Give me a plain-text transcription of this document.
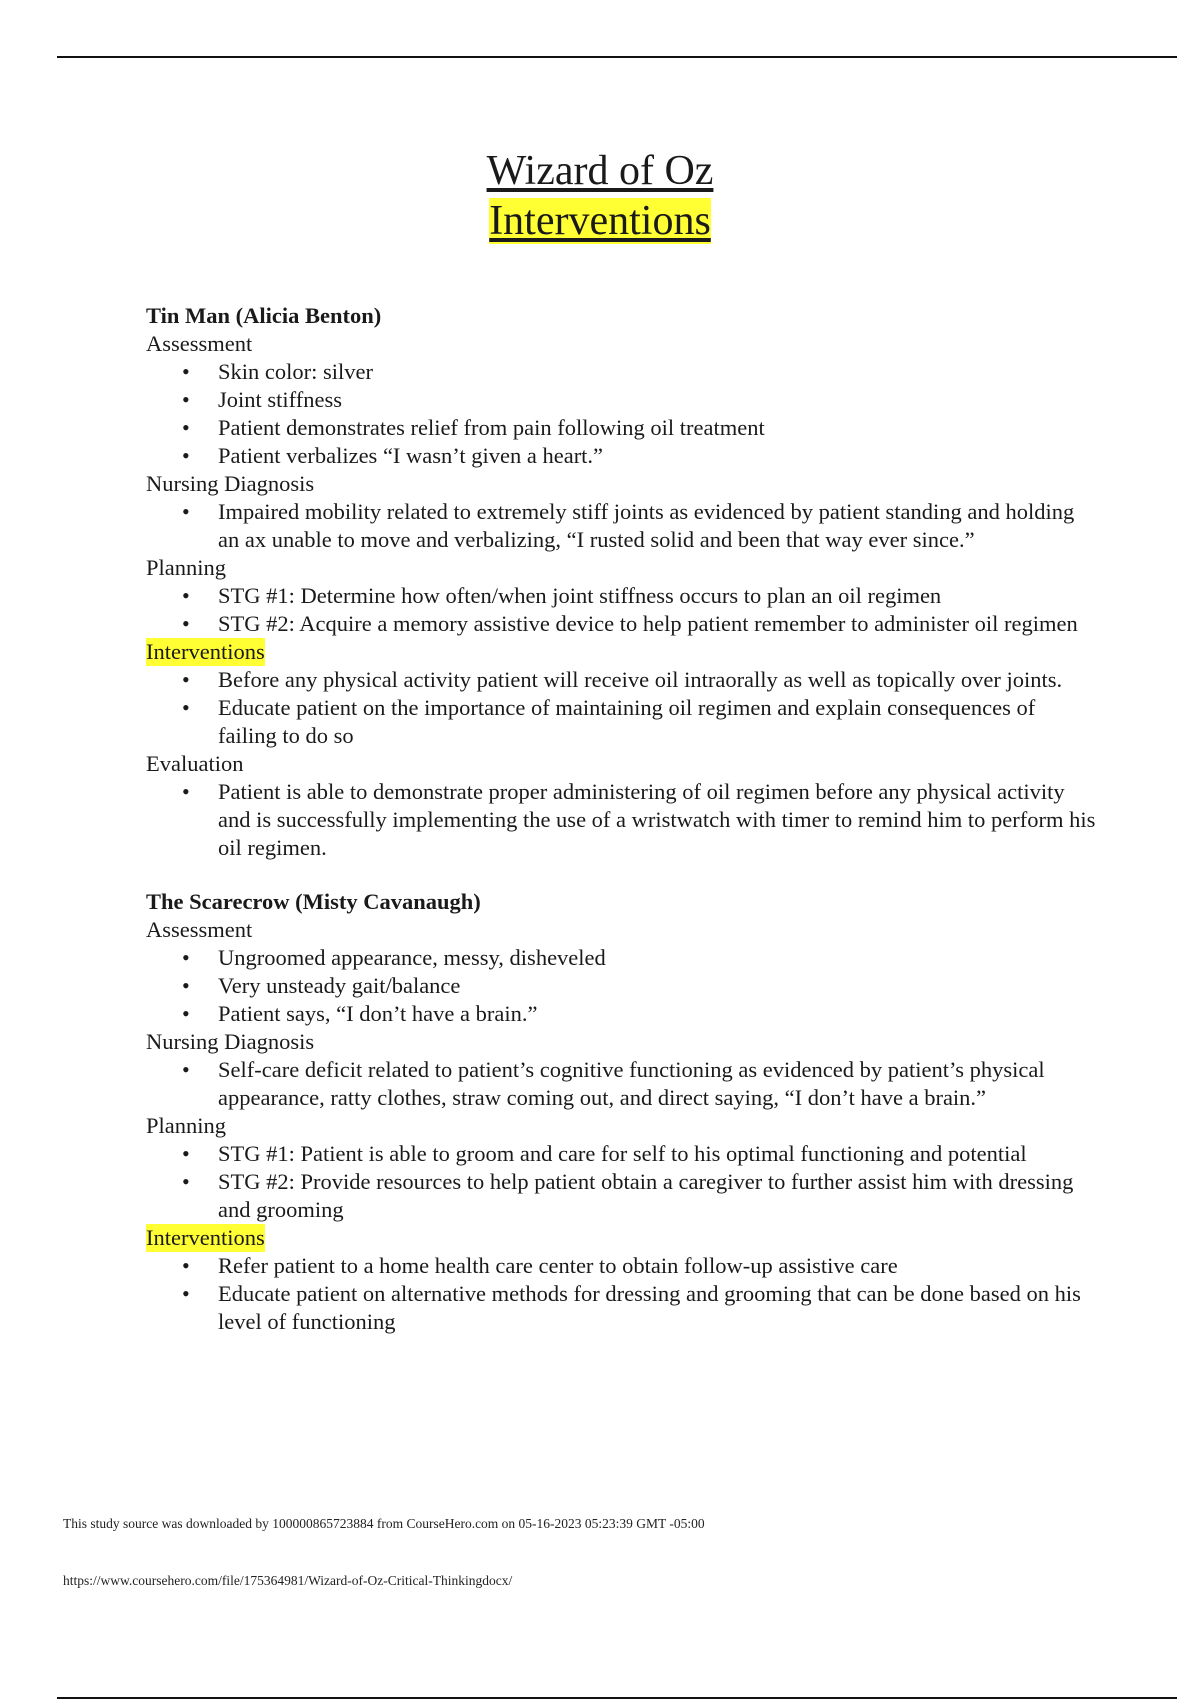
Wizard of Oz
Interventions
Tin Man (Alicia Benton)
Assessment
• Skin color: silver
• Joint stiffness
• Patient demonstrates relief from pain following oil treatment
• Patient verbalizes “I wasn’t given a heart.”
Nursing Diagnosis
• Impaired mobility related to extremely stiff joints as evidenced by patient standing and holding an ax unable to move and verbalizing, “I rusted solid and been that way ever since.”
Planning
• STG #1: Determine how often/when joint stiffness occurs to plan an oil regimen
• STG #2: Acquire a memory assistive device to help patient remember to administer oil regimen
Interventions
• Before any physical activity patient will receive oil intraorally as well as topically over joints.
• Educate patient on the importance of maintaining oil regimen and explain consequences of failing to do so
Evaluation
• Patient is able to demonstrate proper administering of oil regimen before any physical activity and is successfully implementing the use of a wristwatch with timer to remind him to perform his oil regimen.
The Scarecrow (Misty Cavanaugh)
Assessment
• Ungroomed appearance, messy, disheveled
• Very unsteady gait/balance
• Patient says, “I don’t have a brain.”
Nursing Diagnosis
• Self-care deficit related to patient’s cognitive functioning as evidenced by patient’s physical appearance, ratty clothes, straw coming out, and direct saying, “I don’t have a brain.”
Planning
• STG #1: Patient is able to groom and care for self to his optimal functioning and potential
• STG #2: Provide resources to help patient obtain a caregiver to further assist him with dressing and grooming
Interventions
• Refer patient to a home health care center to obtain follow-up assistive care
• Educate patient on alternative methods for dressing and grooming that can be done based on his level of functioning
This study source was downloaded by 100000865723884 from CourseHero.com on 05-16-2023 05:23:39 GMT -05:00
https://www.coursehero.com/file/175364981/Wizard-of-Oz-Critical-Thinkingdocx/
